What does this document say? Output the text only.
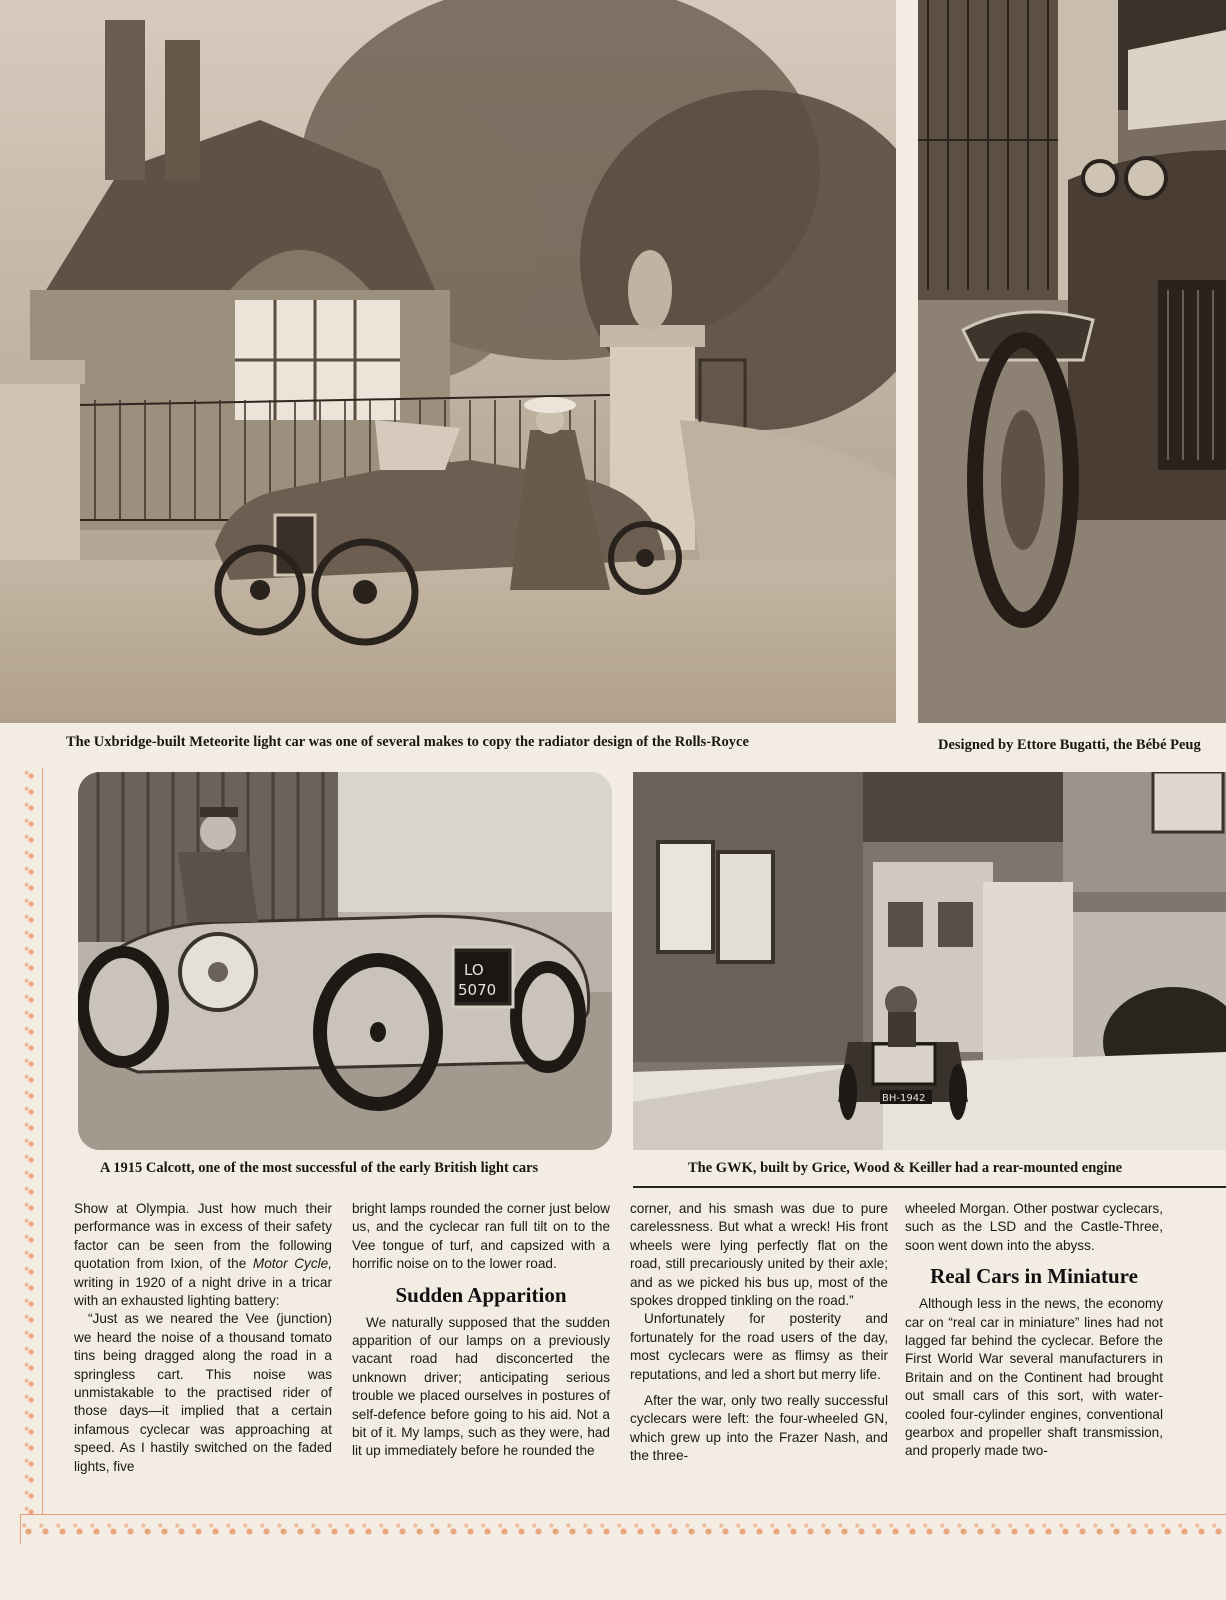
The Uxbridge-built Meteorite light car was one of several makes to copy the radiator design of the Rolls-Royce	Designed by Ettore Bugatti, the Bébé Peug
LO
5070
BH-1942
A 1915 Calcott, one of the most successful of the early British light cars	The GWK, built by Grice, Wood & Keiller had a rear-mounted engine

Show at Olympia. Just how much their performance was in excess of their safety factor can be seen from the following quotation from Ixion, of the Motor Cycle, writing in 1920 of a night drive in a tricar with an exhausted lighting battery:

“Just as we neared the Vee (junction) we heard the noise of a thousand tomato tins being dragged along the road in a springless cart. This noise was unmistakable to the practised rider of those days—it implied that a certain infamous cyclecar was approaching at speed. As I hastily switched on the faded lights, five

bright lamps rounded the corner just below us, and the cyclecar ran full tilt on to the Vee tongue of turf, and capsized with a horrific noise on to the lower road.

Sudden Apparition

We naturally supposed that the sudden apparition of our lamps on a previously vacant road had disconcerted the unknown driver; anticipating serious trouble we placed ourselves in postures of self-defence before going to his aid. Not a bit of it. My lamps, such as they were, had lit up immediately before he rounded the

corner, and his smash was due to pure carelessness. But what a wreck! His front wheels were lying perfectly flat on the road, still precariously united by their axle; and as we picked his bus up, most of the spokes dropped tinkling on the road.”

Unfortunately for posterity and fortunately for the road users of the day, most cyclecars were as flimsy as their reputations, and led a short but merry life.

After the war, only two really successful cyclecars were left: the four-wheeled GN, which grew up into the Frazer Nash, and the three-

wheeled Morgan. Other postwar cyclecars, such as the LSD and the Castle-Three, soon went down into the abyss.

Real Cars in Miniature

Although less in the news, the economy car on “real car in miniature” lines had not lagged far behind the cyclecar. Before the First World War several manufacturers in Britain and on the Continent had brought out small cars of this sort, with water-cooled four-cylinder engines, conventional gearbox and propeller shaft transmission, and properly made two-
